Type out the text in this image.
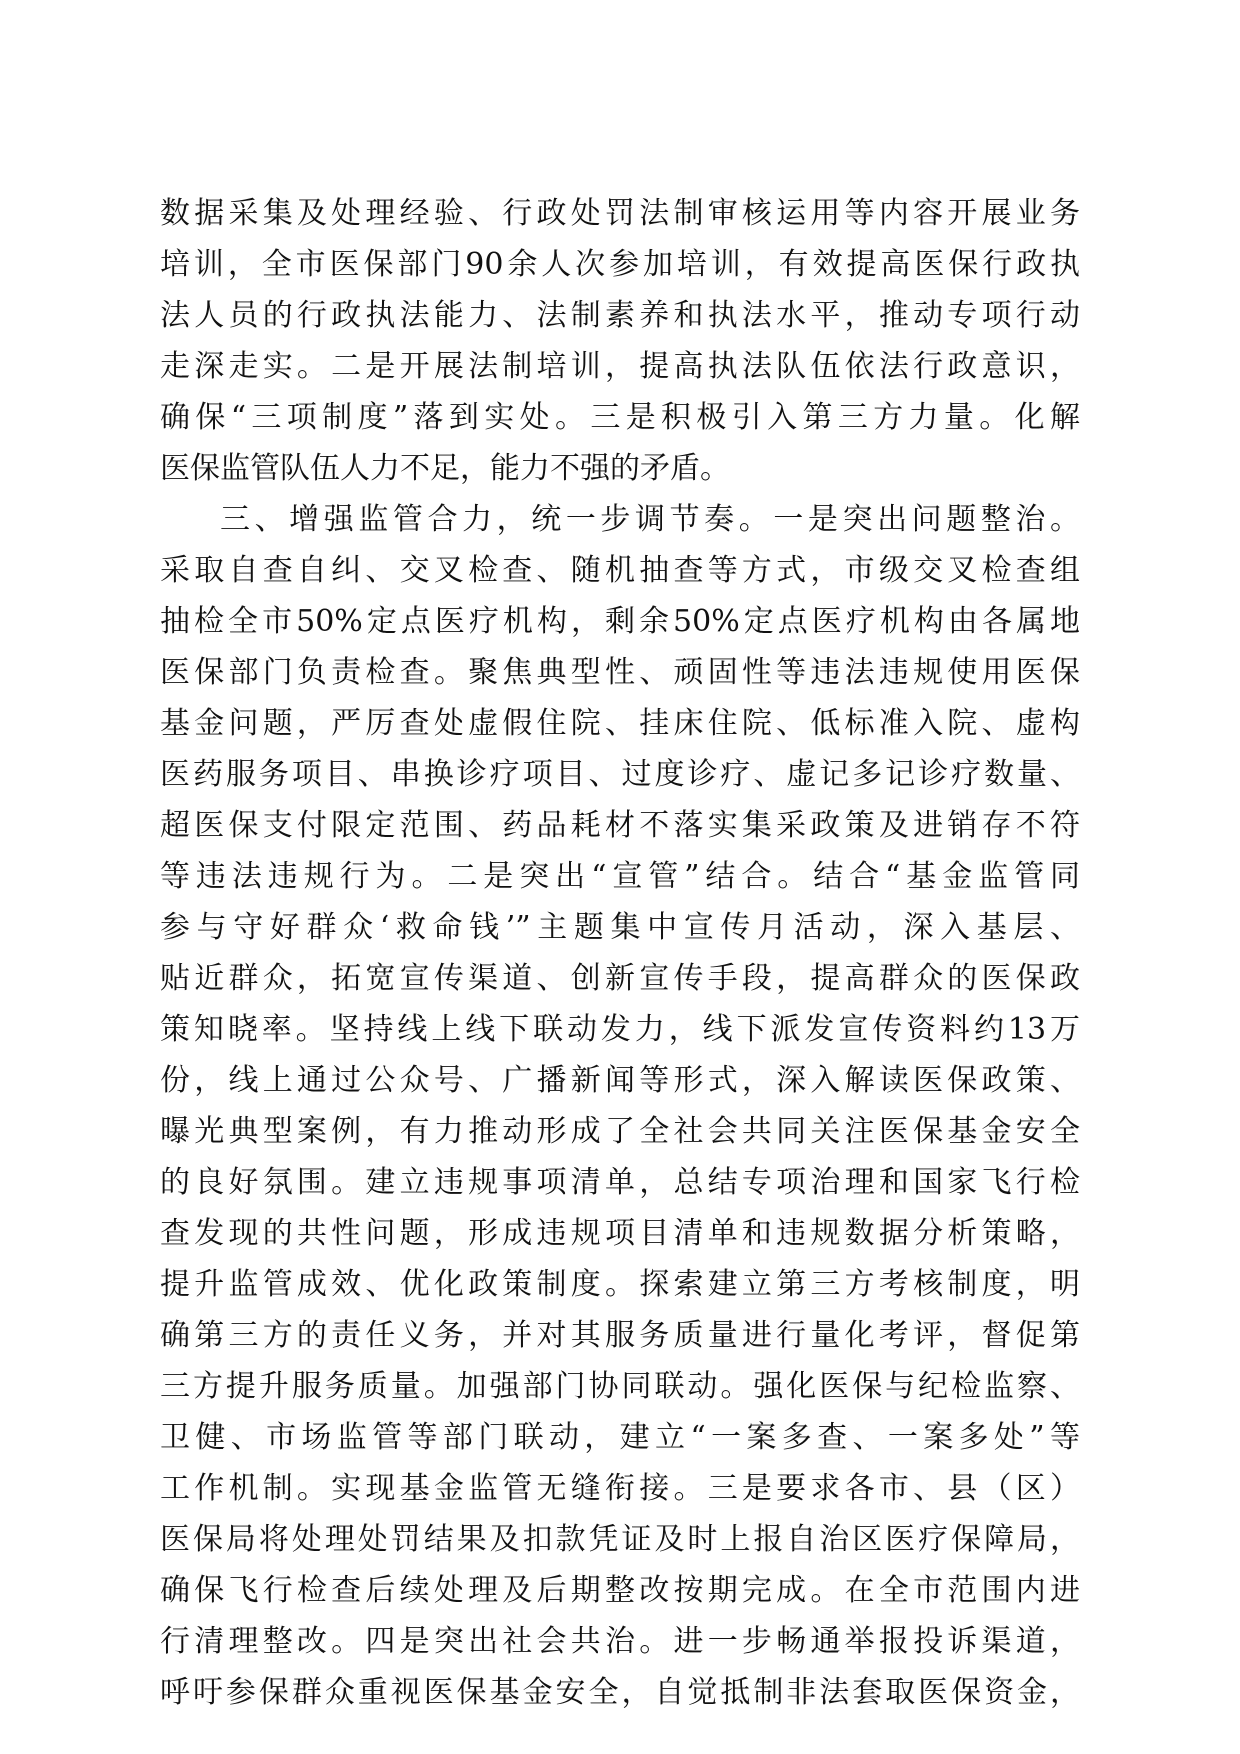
数据采集及处理经验、行政处罚法制审核运用等内容开展业务
培训，全市医保部门90余人次参加培训，有效提高医保行政执
法人员的行政执法能力、法制素养和执法水平，推动专项行动
走深走实。二是开展法制培训，提高执法队伍依法行政意识，
确保“三项制度”落到实处。三是积极引入第三方力量。化解
医保监管队伍人力不足，能力不强的矛盾。
三、增强监管合力，统一步调节奏。一是突出问题整治。
采取自查自纠、交叉检查、随机抽查等方式，市级交叉检查组
抽检全市50%定点医疗机构，剩余50%定点医疗机构由各属地
医保部门负责检查。聚焦典型性、顽固性等违法违规使用医保
基金问题，严厉查处虚假住院、挂床住院、低标准入院、虚构
医药服务项目、串换诊疗项目、过度诊疗、虚记多记诊疗数量、
超医保支付限定范围、药品耗材不落实集采政策及进销存不符
等违法违规行为。二是突出“宣管”结合。结合“基金监管同
参与守好群众‘救命钱’”主题集中宣传月活动，深入基层、
贴近群众，拓宽宣传渠道、创新宣传手段，提高群众的医保政
策知晓率。坚持线上线下联动发力，线下派发宣传资料约13万
份，线上通过公众号、广播新闻等形式，深入解读医保政策、
曝光典型案例，有力推动形成了全社会共同关注医保基金安全
的良好氛围。建立违规事项清单，总结专项治理和国家飞行检
查发现的共性问题，形成违规项目清单和违规数据分析策略，
提升监管成效、优化政策制度。探索建立第三方考核制度，明
确第三方的责任义务，并对其服务质量进行量化考评，督促第
三方提升服务质量。加强部门协同联动。强化医保与纪检监察、
卫健、市场监管等部门联动，建立“一案多查、一案多处”等
工作机制。实现基金监管无缝衔接。三是要求各市、县（区）
医保局将处理处罚结果及扣款凭证及时上报自治区医疗保障局，
确保飞行检查后续处理及后期整改按期完成。在全市范围内进
行清理整改。四是突出社会共治。进一步畅通举报投诉渠道，
呼吁参保群众重视医保基金安全，自觉抵制非法套取医保资金，
